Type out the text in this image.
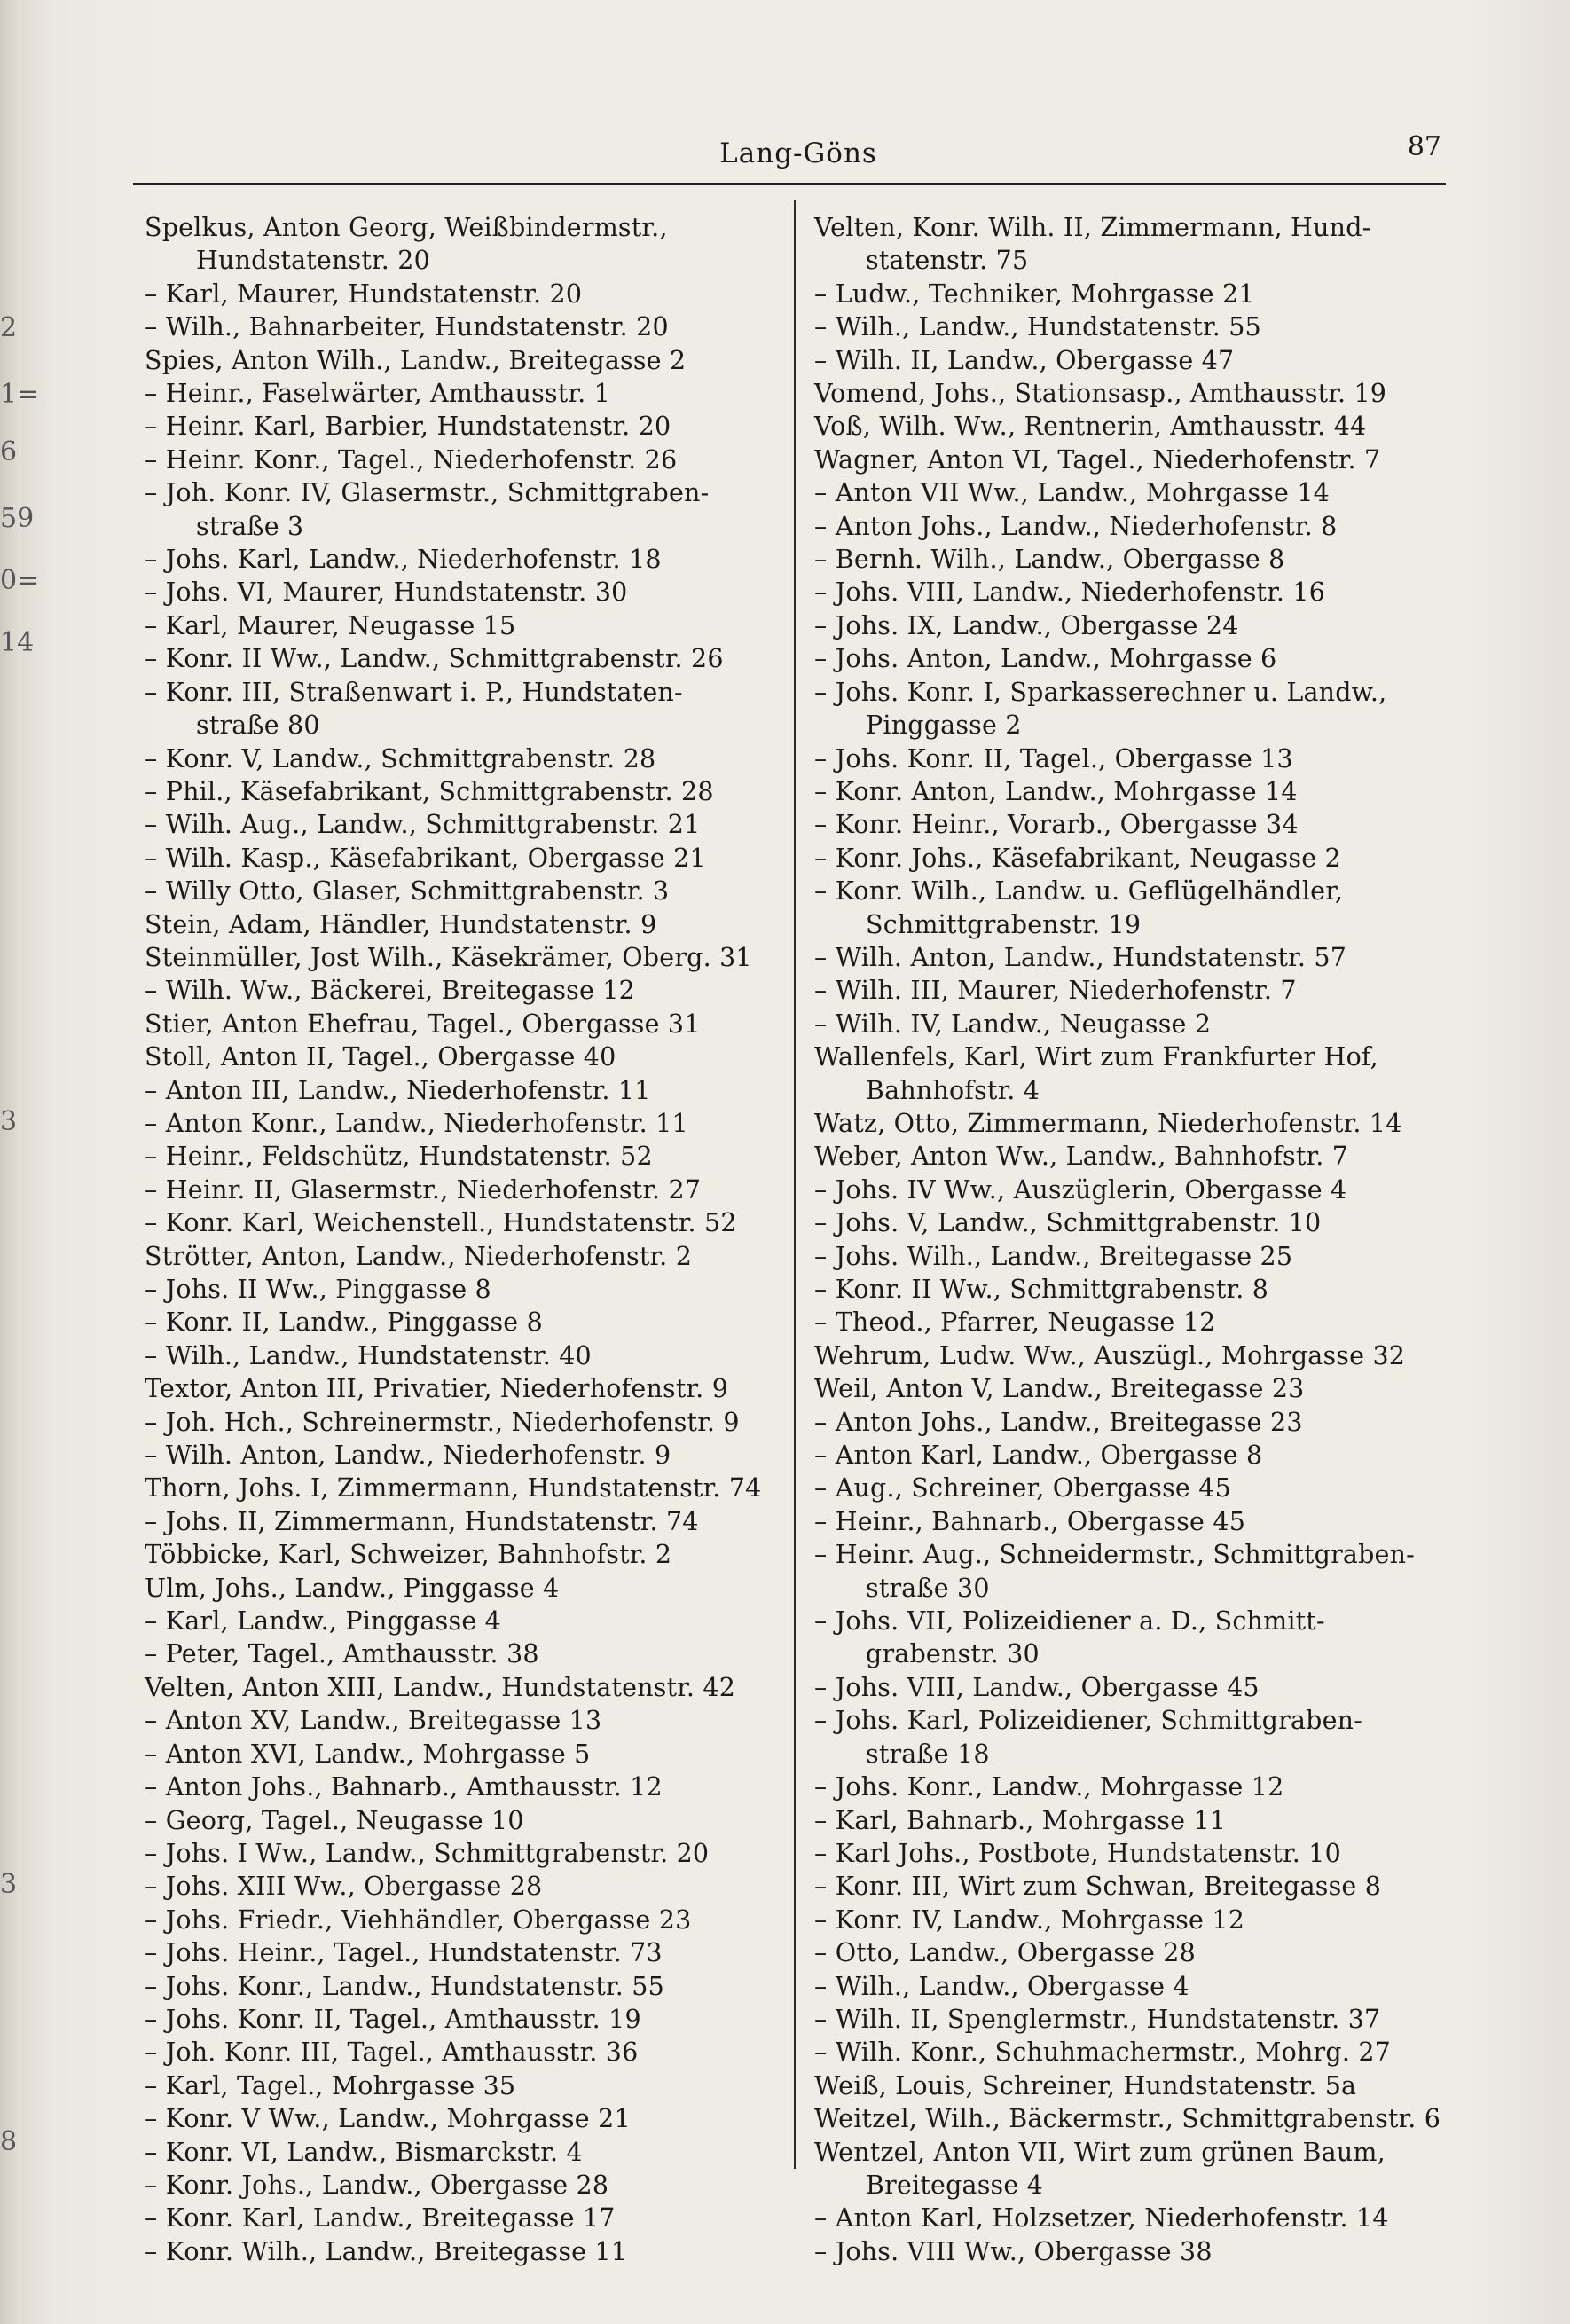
2
1=
6
59
0=
14
3
3
8
Lang-Göns	87
Spelkus, Anton Georg, Weißbindermstr.,
Hundstatenstr. 20
– Karl, Maurer, Hundstatenstr. 20
– Wilh., Bahnarbeiter, Hundstatenstr. 20
Spies, Anton Wilh., Landw., Breitegasse 2
– Heinr., Faselwärter, Amthausstr. 1
– Heinr. Karl, Barbier, Hundstatenstr. 20
– Heinr. Konr., Tagel., Niederhofenstr. 26
– Joh. Konr. IV, Glasermstr., Schmittgraben-
straße 3
– Johs. Karl, Landw., Niederhofenstr. 18
– Johs. VI, Maurer, Hundstatenstr. 30
– Karl, Maurer, Neugasse 15
– Konr. II Ww., Landw., Schmittgrabenstr. 26
– Konr. III, Straßenwart i. P., Hundstaten-
straße 80
– Konr. V, Landw., Schmittgrabenstr. 28
– Phil., Käsefabrikant, Schmittgrabenstr. 28
– Wilh. Aug., Landw., Schmittgrabenstr. 21
– Wilh. Kasp., Käsefabrikant, Obergasse 21
– Willy Otto, Glaser, Schmittgrabenstr. 3
Stein, Adam, Händler, Hundstatenstr. 9
Steinmüller, Jost Wilh., Käsekrämer, Oberg. 31
– Wilh. Ww., Bäckerei, Breitegasse 12
Stier, Anton Ehefrau, Tagel., Obergasse 31
Stoll, Anton II, Tagel., Obergasse 40
– Anton III, Landw., Niederhofenstr. 11
– Anton Konr., Landw., Niederhofenstr. 11
– Heinr., Feldschütz, Hundstatenstr. 52
– Heinr. II, Glasermstr., Niederhofenstr. 27
– Konr. Karl, Weichenstell., Hundstatenstr. 52
Strötter, Anton, Landw., Niederhofenstr. 2
– Johs. II Ww., Pinggasse 8
– Konr. II, Landw., Pinggasse 8
– Wilh., Landw., Hundstatenstr. 40
Textor, Anton III, Privatier, Niederhofenstr. 9
– Joh. Hch., Schreinermstr., Niederhofenstr. 9
– Wilh. Anton, Landw., Niederhofenstr. 9
Thorn, Johs. I, Zimmermann, Hundstatenstr. 74
– Johs. II, Zimmermann, Hundstatenstr. 74
Többicke, Karl, Schweizer, Bahnhofstr. 2
Ulm, Johs., Landw., Pinggasse 4
– Karl, Landw., Pinggasse 4
– Peter, Tagel., Amthausstr. 38
Velten, Anton XIII, Landw., Hundstatenstr. 42
– Anton XV, Landw., Breitegasse 13
– Anton XVI, Landw., Mohrgasse 5
– Anton Johs., Bahnarb., Amthausstr. 12
– Georg, Tagel., Neugasse 10
– Johs. I Ww., Landw., Schmittgrabenstr. 20
– Johs. XIII Ww., Obergasse 28
– Johs. Friedr., Viehhändler, Obergasse 23
– Johs. Heinr., Tagel., Hundstatenstr. 73
– Johs. Konr., Landw., Hundstatenstr. 55
– Johs. Konr. II, Tagel., Amthausstr. 19
– Joh. Konr. III, Tagel., Amthausstr. 36
– Karl, Tagel., Mohrgasse 35
– Konr. V Ww., Landw., Mohrgasse 21
– Konr. VI, Landw., Bismarckstr. 4
– Konr. Johs., Landw., Obergasse 28
– Konr. Karl, Landw., Breitegasse 17
– Konr. Wilh., Landw., Breitegasse 11
Velten, Konr. Wilh. II, Zimmermann, Hund-
statenstr. 75
– Ludw., Techniker, Mohrgasse 21
– Wilh., Landw., Hundstatenstr. 55
– Wilh. II, Landw., Obergasse 47
Vomend, Johs., Stationsasp., Amthausstr. 19
Voß, Wilh. Ww., Rentnerin, Amthausstr. 44
Wagner, Anton VI, Tagel., Niederhofenstr. 7
– Anton VII Ww., Landw., Mohrgasse 14
– Anton Johs., Landw., Niederhofenstr. 8
– Bernh. Wilh., Landw., Obergasse 8
– Johs. VIII, Landw., Niederhofenstr. 16
– Johs. IX, Landw., Obergasse 24
– Johs. Anton, Landw., Mohrgasse 6
– Johs. Konr. I, Sparkasserechner u. Landw.,
Pinggasse 2
– Johs. Konr. II, Tagel., Obergasse 13
– Konr. Anton, Landw., Mohrgasse 14
– Konr. Heinr., Vorarb., Obergasse 34
– Konr. Johs., Käsefabrikant, Neugasse 2
– Konr. Wilh., Landw. u. Geflügelhändler,
Schmittgrabenstr. 19
– Wilh. Anton, Landw., Hundstatenstr. 57
– Wilh. III, Maurer, Niederhofenstr. 7
– Wilh. IV, Landw., Neugasse 2
Wallenfels, Karl, Wirt zum Frankfurter Hof,
Bahnhofstr. 4
Watz, Otto, Zimmermann, Niederhofenstr. 14
Weber, Anton Ww., Landw., Bahnhofstr. 7
– Johs. IV Ww., Auszüglerin, Obergasse 4
– Johs. V, Landw., Schmittgrabenstr. 10
– Johs. Wilh., Landw., Breitegasse 25
– Konr. II Ww., Schmittgrabenstr. 8
– Theod., Pfarrer, Neugasse 12
Wehrum, Ludw. Ww., Auszügl., Mohrgasse 32
Weil, Anton V, Landw., Breitegasse 23
– Anton Johs., Landw., Breitegasse 23
– Anton Karl, Landw., Obergasse 8
– Aug., Schreiner, Obergasse 45
– Heinr., Bahnarb., Obergasse 45
– Heinr. Aug., Schneidermstr., Schmittgraben-
straße 30
– Johs. VII, Polizeidiener a. D., Schmitt-
grabenstr. 30
– Johs. VIII, Landw., Obergasse 45
– Johs. Karl, Polizeidiener, Schmittgraben-
straße 18
– Johs. Konr., Landw., Mohrgasse 12
– Karl, Bahnarb., Mohrgasse 11
– Karl Johs., Postbote, Hundstatenstr. 10
– Konr. III, Wirt zum Schwan, Breitegasse 8
– Konr. IV, Landw., Mohrgasse 12
– Otto, Landw., Obergasse 28
– Wilh., Landw., Obergasse 4
– Wilh. II, Spenglermstr., Hundstatenstr. 37
– Wilh. Konr., Schuhmachermstr., Mohrg. 27
Weiß, Louis, Schreiner, Hundstatenstr. 5a
Weitzel, Wilh., Bäckermstr., Schmittgrabenstr. 6
Wentzel, Anton VII, Wirt zum grünen Baum,
Breitegasse 4
– Anton Karl, Holzsetzer, Niederhofenstr. 14
– Johs. VIII Ww., Obergasse 38
